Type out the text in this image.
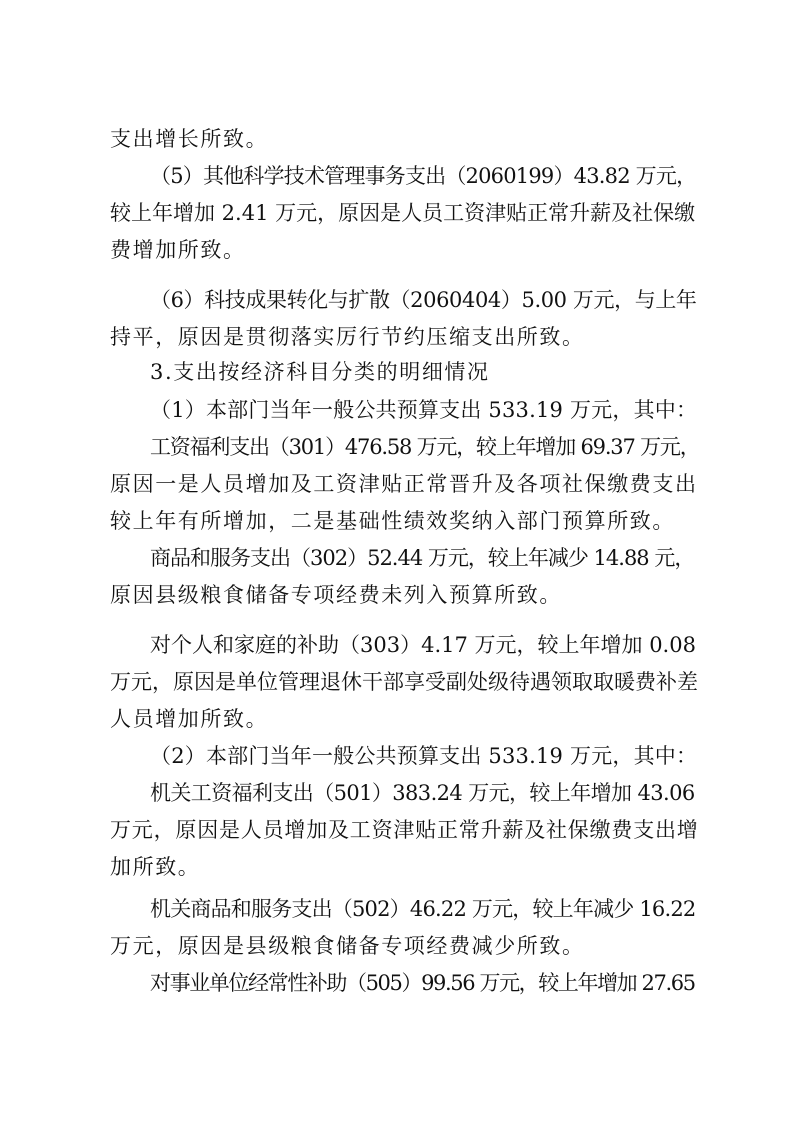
支出增长所致。
（5）其他科学技术管理事务支出（2060199）43.82 万元，
较上年增加 2.41 万元，原因是人员工资津贴正常升薪及社保缴
费增加所致。
（6）科技成果转化与扩散（2060404）5.00 万元，与上年
持平，原因是贯彻落实厉行节约压缩支出所致。
3.支出按经济科目分类的明细情况
（1）本部门当年一般公共预算支出 533.19 万元，其中：
工资福利支出（301）476.58 万元，较上年增加 69.37 万元，
原因一是人员增加及工资津贴正常晋升及各项社保缴费支出
较上年有所增加，二是基础性绩效奖纳入部门预算所致。
商品和服务支出（302）52.44 万元，较上年减少 14.88 元，
原因县级粮食储备专项经费未列入预算所致。
对个人和家庭的补助（303）4.17 万元，较上年增加 0.08
万元，原因是单位管理退休干部享受副处级待遇领取取暖费补差
人员增加所致。
（2）本部门当年一般公共预算支出 533.19 万元，其中：
机关工资福利支出（501）383.24 万元，较上年增加 43.06
万元，原因是人员增加及工资津贴正常升薪及社保缴费支出增
加所致。
机关商品和服务支出（502）46.22 万元，较上年减少 16.22
万元，原因是县级粮食储备专项经费减少所致。
对事业单位经常性补助（505）99.56 万元，较上年增加 27.65
